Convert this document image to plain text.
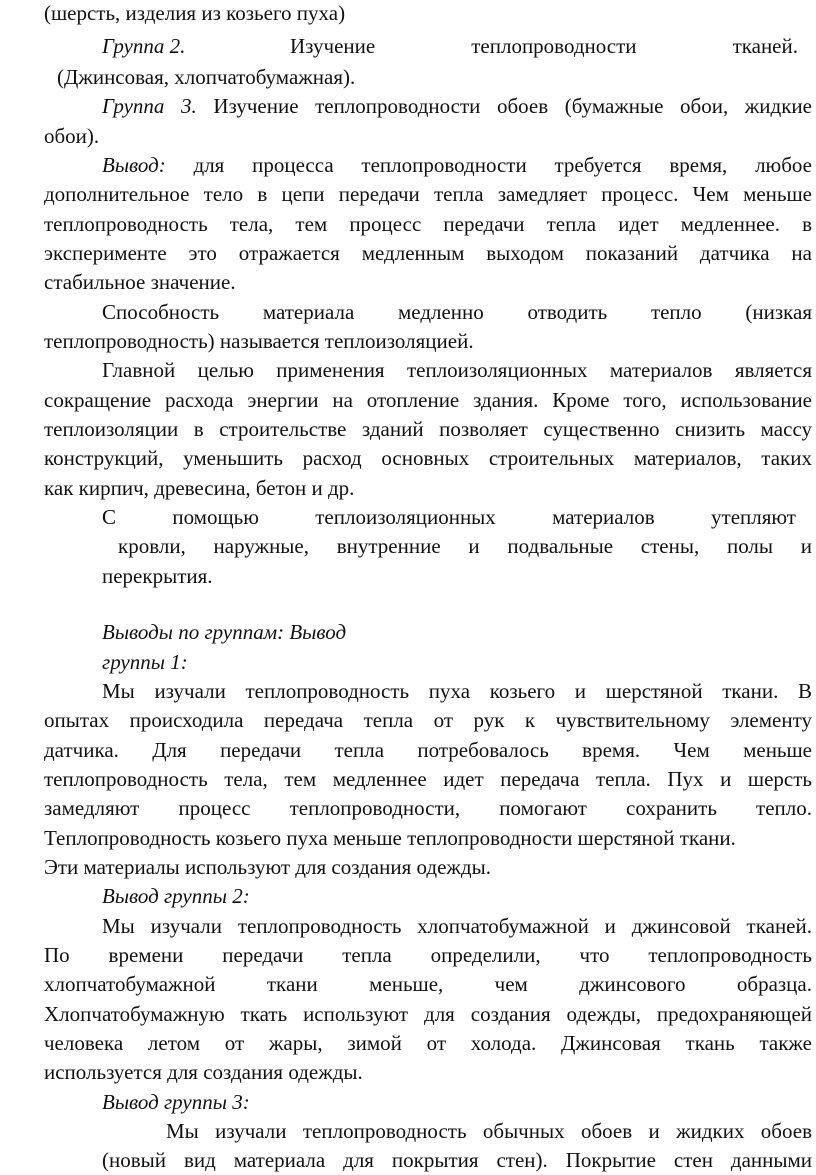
(шерсть, изделия из козьего пуха)
Группа 2.	Изучение теплопроводности тканей.
(Джинсовая, хлопчатобумажная).
Группа 3. Изучение теплопроводности обоев (бумажные обои, жидкие
обои).
Вывод: для процесса теплопроводности требуется время, любое
дополнительное тело в цепи передачи тепла замедляет процесс. Чем меньше
теплопроводность тела, тем процесс передачи тепла идет медленнее. в
эксперименте это отражается медленным выходом показаний датчика на
стабильное значение.
Способность материала медленно отводить тепло (низкая
теплопроводность) называется теплоизоляцией.
Главной целью применения теплоизоляционных материалов является
сокращение расхода энергии на отопление здания. Кроме того, использование
теплоизоляции в строительстве зданий позволяет существенно снизить массу
конструкций, уменьшить расход основных строительных материалов, таких
как кирпич, древесина, бетон и др.
С помощью теплоизоляционных материалов утепляют
кровли, наружные, внутренние и подвальные стены, полы и
перекрытия.
Выводы по группам: Вывод
группы 1:
Мы изучали теплопроводность пуха козьего и шерстяной ткани. В
опытах происходила передача тепла от рук к чувствительному элементу
датчика. Для передачи тепла потребовалось время. Чем меньше
теплопроводность тела, тем медленнее идет передача тепла. Пух и шерсть
замедляют процесс теплопроводности, помогают сохранить тепло.
Теплопроводность козьего пуха меньше теплопроводности шерстяной ткани.
Эти материалы используют для создания одежды.
Вывод группы 2:
Мы изучали теплопроводность хлопчатобумажной и джинсовой тканей.
По времени передачи тепла определили, что теплопроводность
хлопчатобумажной ткани меньше, чем джинсового образца.
Хлопчатобумажную ткать используют для создания одежды, предохраняющей
человека летом от жары, зимой от холода. Джинсовая ткань также
используется для создания одежды.
Вывод группы 3:
Мы изучали теплопроводность обычных обоев и жидких обоев
(новый вид материала для покрытия стен). Покрытие стен данными
